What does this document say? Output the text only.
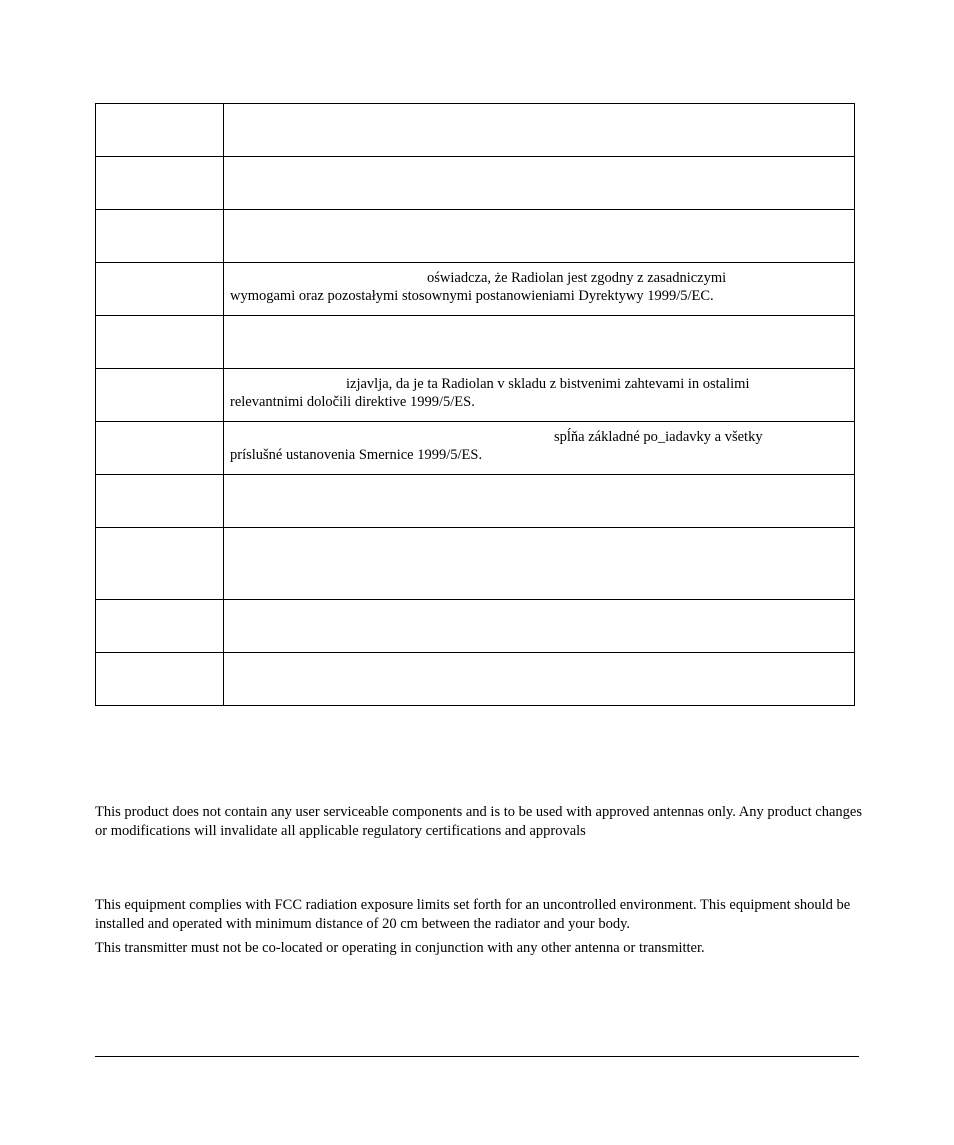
	oświadcza, że Radiolan jest zgodny z zasadniczymi
wymogami oraz pozostałymi stosownymi postanowieniami Dyrektywy 1999/5/EC.

	izjavlja, da je ta Radiolan v skladu z bistvenimi zahtevami in ostalimi
relevantnimi določili direktive 1999/5/ES.
	spĺňa základné po_iadavky a všetky
príslušné ustanovenia Smernice 1999/5/ES.

This product does not contain any user serviceable components and is to be used with approved antennas only. Any product changes or modifications will invalidate all applicable regulatory certifications and approvals

This equipment complies with FCC radiation exposure limits set forth for an uncontrolled environment. This equipment should be installed and operated with minimum distance of 20 cm between the radiator and your body.

This transmitter must not be co-located or operating in conjunction with any other antenna or transmitter.
